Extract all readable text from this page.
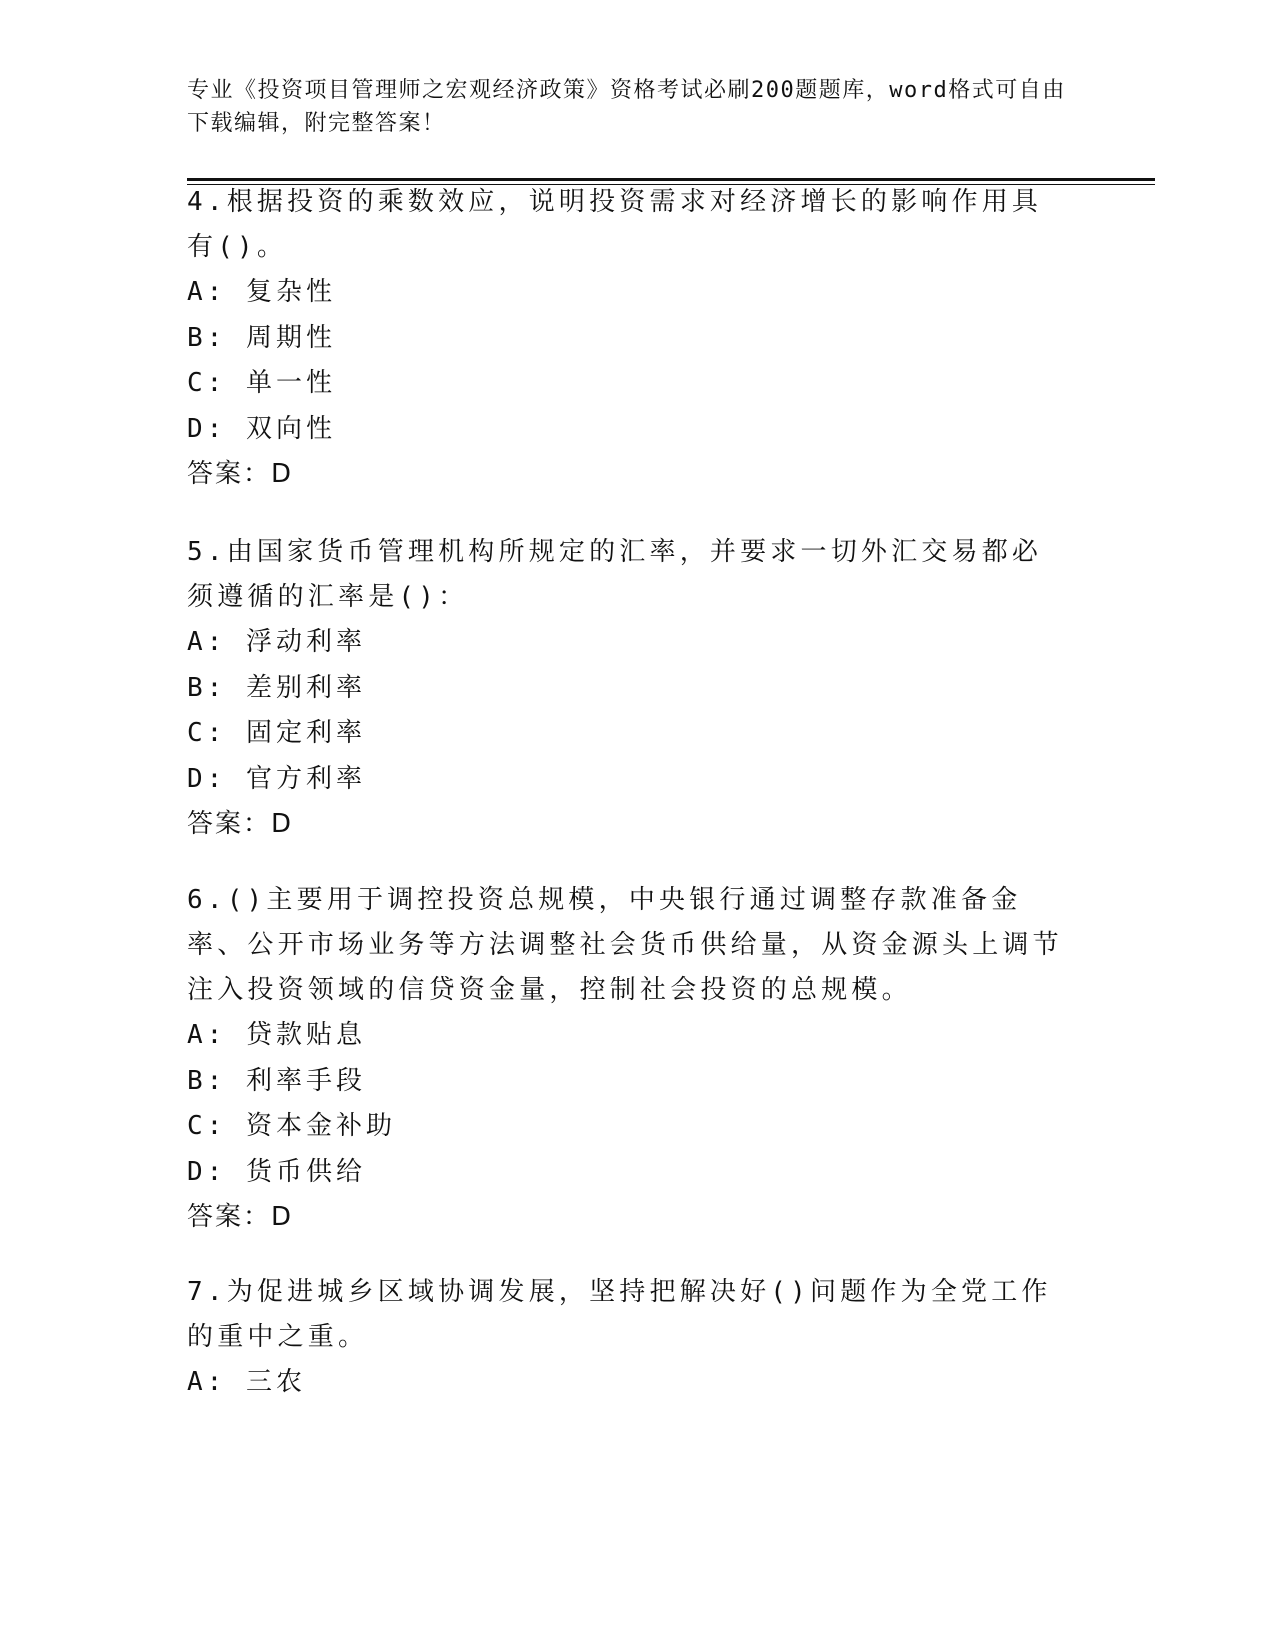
专业《投资项目管理师之宏观经济政策》资格考试必刷200题题库，word格式可自由下载编辑，附完整答案！

4.根据投资的乘数效应，说明投资需求对经济增长的影响作用具有()。

A: 复杂性

B: 周期性

C: 单一性

D: 双向性

答案：D

5.由国家货币管理机构所规定的汇率，并要求一切外汇交易都必须遵循的汇率是()：

A: 浮动利率

B: 差别利率

C: 固定利率

D: 官方利率

答案：D

6.()主要用于调控投资总规模，中央银行通过调整存款准备金率、公开市场业务等方法调整社会货币供给量，从资金源头上调节注入投资领域的信贷资金量，控制社会投资的总规模。

A: 贷款贴息

B: 利率手段

C: 资本金补助

D: 货币供给

答案：D

7.为促进城乡区域协调发展，坚持把解决好()问题作为全党工作的重中之重。

A: 三农
